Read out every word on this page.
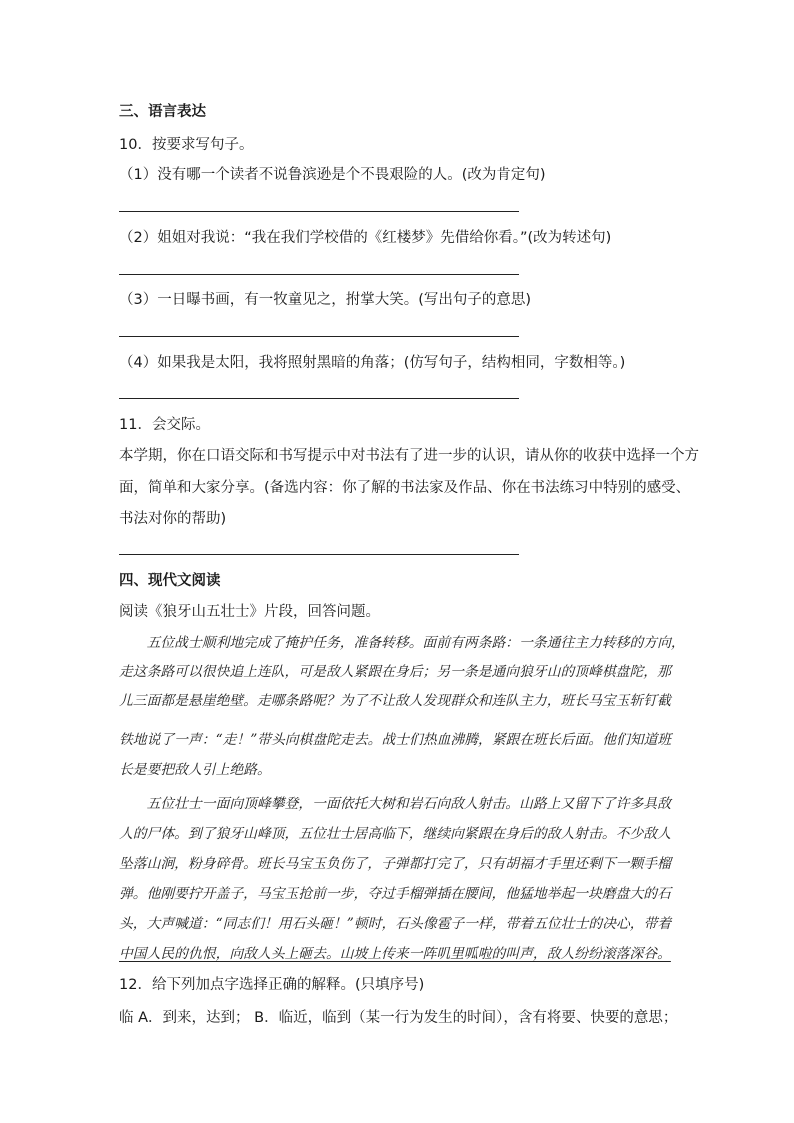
三、语言表达
10．按要求写句子。
（1）没有哪一个读者不说鲁滨逊是个不畏艰险的人。(改为肯定句)
（2）姐姐对我说：“我在我们学校借的《红楼梦》先借给你看。”(改为转述句)
（3）一日曝书画，有一牧童见之，拊掌大笑。(写出句子的意思)
（4）如果我是太阳，我将照射黑暗的角落；(仿写句子，结构相同，字数相等。)
11．会交际。
本学期，你在口语交际和书写提示中对书法有了进一步的认识，请从你的收获中选择一个方
面，简单和大家分享。(备选内容：你了解的书法家及作品、你在书法练习中特别的感受、
书法对你的帮助)
四、现代文阅读
阅读《狼牙山五壮士》片段，回答问题。
　　五位战士顺利地完成了掩护任务，准备转移。面前有两条路：一条通往主力转移的方向，
走这条路可以很快追上连队，可是敌人紧跟在身后；另一条是通向狼牙山的顶峰棋盘陀，那
儿三面都是悬崖绝壁。走哪条路呢？为了不让敌人发现群众和连队主力，班长马宝玉斩钉截
铁地说了一声：“走！”带头向棋盘陀走去。战士们热血沸腾，紧跟在班长后面。他们知道班
长是要把敌人引上绝路。
　　五位壮士一面向顶峰攀登，一面依托大树和岩石向敌人射击。山路上又留下了许多具敌
人的尸体。到了狼牙山峰顶，五位壮士居高临下，继续向紧跟在身后的敌人射击。不少敌人
坠落山涧，粉身碎骨。班长马宝玉负伤了，子弹都打完了，只有胡福才手里还剩下一颗手榴
弹。他刚要拧开盖子，马宝玉抢前一步，夺过手榴弹插在腰间，他猛地举起一块磨盘大的石
头，大声喊道：“同志们！用石头砸！”顿时，石头像雹子一样，带着五位壮士的决心，带着
中国人民的仇恨，向敌人头上砸去。山坡上传来一阵叽里呱啦的叫声，敌人纷纷滚落深谷。
12．给下列加点字选择正确的解释。(只填序号)
临 A．到来，达到； B．临近，临到（某一行为发生的时间），含有将要、快要的意思；
